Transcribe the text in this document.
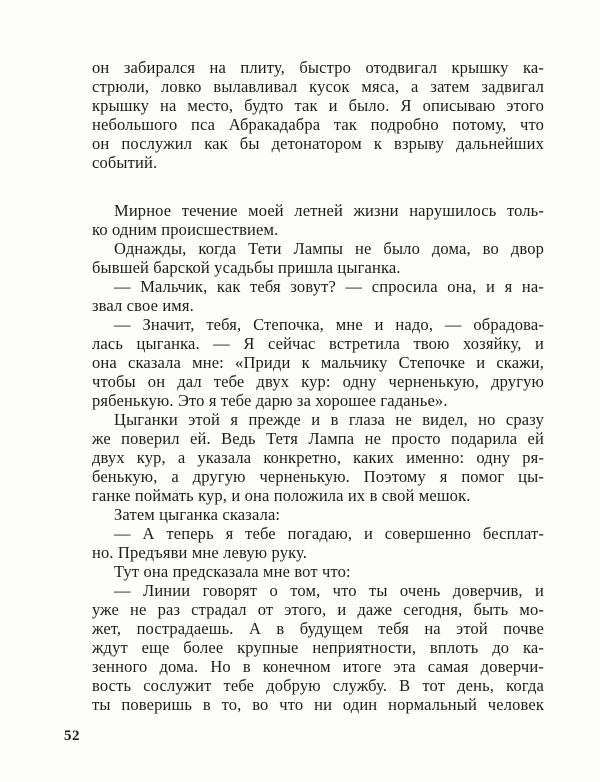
он забирался на плиту, быстро отодвигал крышку ка-
стрюли, ловко вылавливал кусок мяса, а затем задвигал
крышку на место, будто так и было. Я описываю этого
небольшого пса Абракадабра так подробно потому, что
он послужил как бы детонатором к взрыву дальнейших
событий.
Мирное течение моей летней жизни нарушилось толь-
ко одним происшествием.
Однажды, когда Тети Лампы не было дома, во двор
бывшей барской усадьбы пришла цыганка.
— Мальчик, как тебя зовут? — спросила она, и я на-
звал свое имя.
— Значит, тебя, Степочка, мне и надо, — обрадова-
лась цыганка. — Я сейчас встретила твою хозяйку, и
она сказала мне: «Приди к мальчику Степочке и скажи,
чтобы он дал тебе двух кур: одну черненькую, другую
рябенькую. Это я тебе дарю за хорошее гаданье».
Цыганки этой я прежде и в глаза не видел, но сразу
же поверил ей. Ведь Тетя Лампа не просто подарила ей
двух кур, а указала конкретно, каких именно: одну ря-
бенькую, а другую черненькую. Поэтому я помог цы-
ганке поймать кур, и она положила их в свой мешок.
Затем цыганка сказала:
— А теперь я тебе погадаю, и совершенно бесплат-
но. Предъяви мне левую руку.
Тут она предсказала мне вот что:
— Линии говорят о том, что ты очень доверчив, и
уже не раз страдал от этого, и даже сегодня, быть мо-
жет, пострадаешь. А в будущем тебя на этой почве
ждут еще более крупные неприятности, вплоть до ка-
зенного дома. Но в конечном итоге эта самая доверчи-
вость сослужит тебе добрую службу. В тот день, когда
ты поверишь в то, во что ни один нормальный человек
52
